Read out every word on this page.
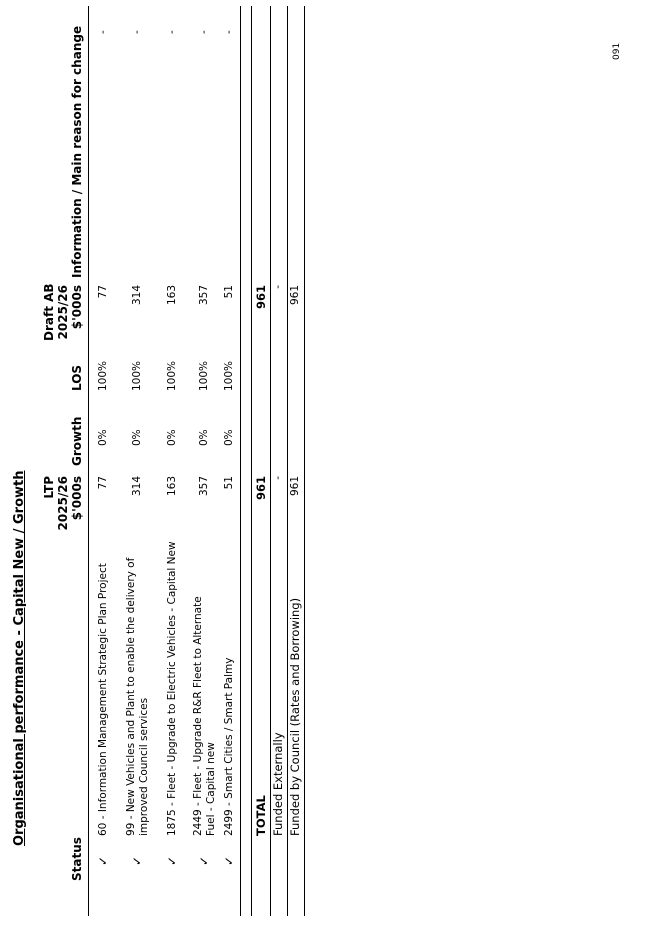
091
Organisational performance - Capital New / Growth
Status
LTP 2025/26 $'000s
Growth
LOS
Draft AB 2025/26 $'000s
Information / Main reason for change
✓
60 - Information Management Strategic Plan Project
77
0%
100%
77
-
✓
99 - New Vehicles and Plant to enable the delivery of improved Council services
314
0%
100%
314
-
✓
1875 - Fleet - Upgrade to Electric Vehicles - Capital New
163
0%
100%
163
-
✓
2449 - Fleet - Upgrade R&R Fleet to Alternate Fuel - Capital new
357
0%
100%
357
-
✓
2499 - Smart Cities / Smart Palmy
51
0%
100%
51
-
TOTAL
961
961
Funded Externally
-
-
Funded by Council (Rates and Borrowing)
961
961
